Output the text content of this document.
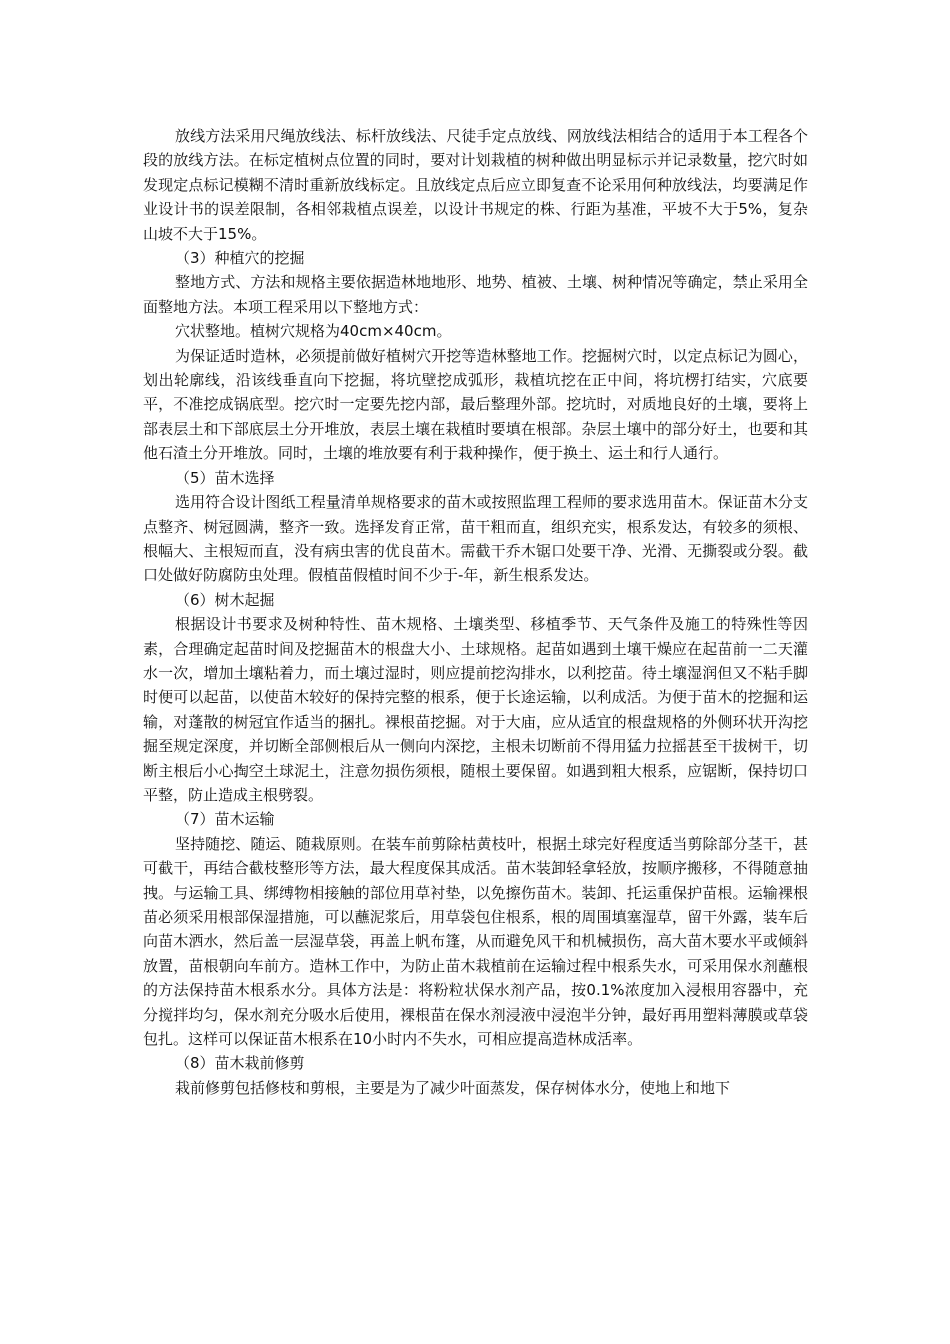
放线方法采用尺绳放线法、标杆放线法、尺徒手定点放线、网放线法相结合的适用于本工程各个段的放线方法。在标定植树点位置的同时，要对计划栽植的树种做出明显标示并记录数量，挖穴时如发现定点标记模糊不清时重新放线标定。且放线定点后应立即复查不论采用何种放线法，均要满足作业设计书的误差限制，各相邻栽植点误差，以设计书规定的株、行距为基准，平坡不大于5%，复杂山坡不大于15%。

（3）种植穴的挖掘

整地方式、方法和规格主要依据造林地地形、地势、植被、土壤、树种情况等确定，禁止采用全面整地方法。本项工程采用以下整地方式：

穴状整地。植树穴规格为40cm×40cm。

为保证适时造林，必须提前做好植树穴开挖等造林整地工作。挖掘树穴时，以定点标记为圆心，划出轮廓线，沿该线垂直向下挖掘，将坑壁挖成弧形，栽植坑挖在正中间，将坑楞打结实，穴底要平，不准挖成锅底型。挖穴时一定要先挖内部，最后整理外部。挖坑时，对质地良好的土壤，要将上部表层土和下部底层土分开堆放，表层土壤在栽植时要填在根部。杂层土壤中的部分好土，也要和其他石渣土分开堆放。同时，土壤的堆放要有利于栽种操作，便于换土、运土和行人通行。

（5）苗木选择

选用符合设计图纸工程量清单规格要求的苗木或按照监理工程师的要求选用苗木。保证苗木分支点整齐、树冠圆满，整齐一致。选择发育正常，苗干粗而直，组织充实，根系发达，有较多的须根、根幅大、主根短而直，没有病虫害的优良苗木。需截干乔木锯口处要干净、光滑、无撕裂或分裂。截口处做好防腐防虫处理。假植苗假植时间不少于-年，新生根系发达。

（6）树木起掘

根据设计书要求及树种特性、苗木规格、土壤类型、移植季节、天气条件及施工的特殊性等因素，合理确定起苗时间及挖掘苗木的根盘大小、土球规格。起苗如遇到土壤干燥应在起苗前一二天灌水一次，增加土壤粘着力，而土壤过湿时，则应提前挖沟排水，以利挖苗。待土壤湿润但又不粘手脚时便可以起苗，以使苗木较好的保持完整的根系，便于长途运输，以利成活。为便于苗木的挖掘和运输，对蓬散的树冠宜作适当的捆扎。裸根苗挖掘。对于大庙，应从适宜的根盘规格的外侧环状开沟挖掘至规定深度，并切断全部侧根后从一侧向内深挖，主根未切断前不得用猛力拉摇甚至干拔树干，切断主根后小心掏空土球泥土，注意勿损伤须根，随根土要保留。如遇到粗大根系，应锯断，保持切口平整，防止造成主根劈裂。

（7）苗木运输

坚持随挖、随运、随栽原则。在装车前剪除枯黄枝叶，根据土球完好程度适当剪除部分茎干，甚可截干，再结合截枝整形等方法，最大程度保其成活。苗木装卸轻拿轻放，按顺序搬移，不得随意抽拽。与运输工具、绑缚物相接触的部位用草衬垫，以免擦伤苗木。装卸、托运重保护苗根。运输裸根苗必须采用根部保湿措施，可以蘸泥浆后，用草袋包住根系，根的周围填塞湿草，留干外露，装车后向苗木洒水，然后盖一层湿草袋，再盖上帆布篷，从而避免风干和机械损伤，高大苗木要水平或倾斜放置，苗根朝向车前方。造林工作中，为防止苗木栽植前在运输过程中根系失水，可采用保水剂蘸根的方法保持苗木根系水分。具体方法是：将粉粒状保水剂产品，按0.1%浓度加入浸根用容器中，充分搅拌均匀，保水剂充分吸水后使用，裸根苗在保水剂浸液中浸泡半分钟，最好再用塑料薄膜或草袋包扎。这样可以保证苗木根系在10小时内不失水，可相应提高造林成活率。

（8）苗木栽前修剪

栽前修剪包括修枝和剪根，主要是为了减少叶面蒸发，保存树体水分，使地上和地下
